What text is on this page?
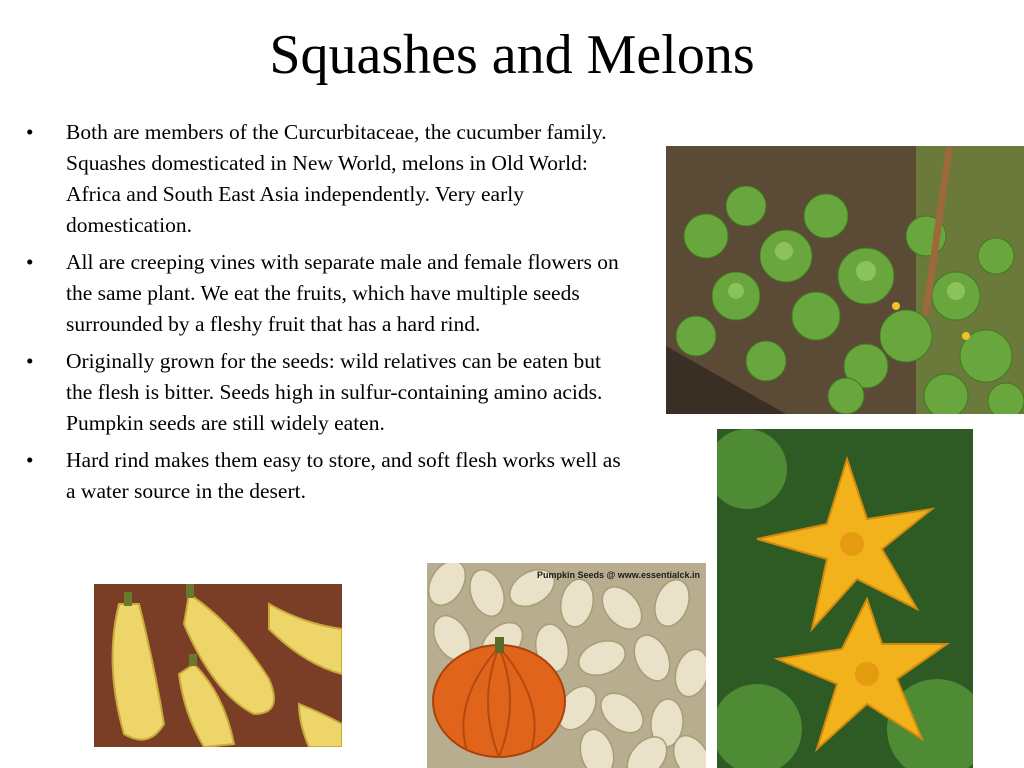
Squashes and Melons
• Both are members of the Curcurbitaceae, the cucumber family. Squashes domesticated in New World, melons in Old World: Africa and South East Asia independently. Very early domestication.
• All are creeping vines with separate male and female flowers on the same plant. We eat the fruits, which have multiple seeds surrounded by a fleshy fruit that has a hard rind.
• Originally grown for the seeds: wild relatives can be eaten but the flesh is bitter. Seeds high in sulfur-containing amino acids. Pumpkin seeds are still widely eaten.
• Hard rind makes them easy to store, and soft flesh works well as a water source in the desert.
Pumpkin Seeds @ www.essentialck.in
